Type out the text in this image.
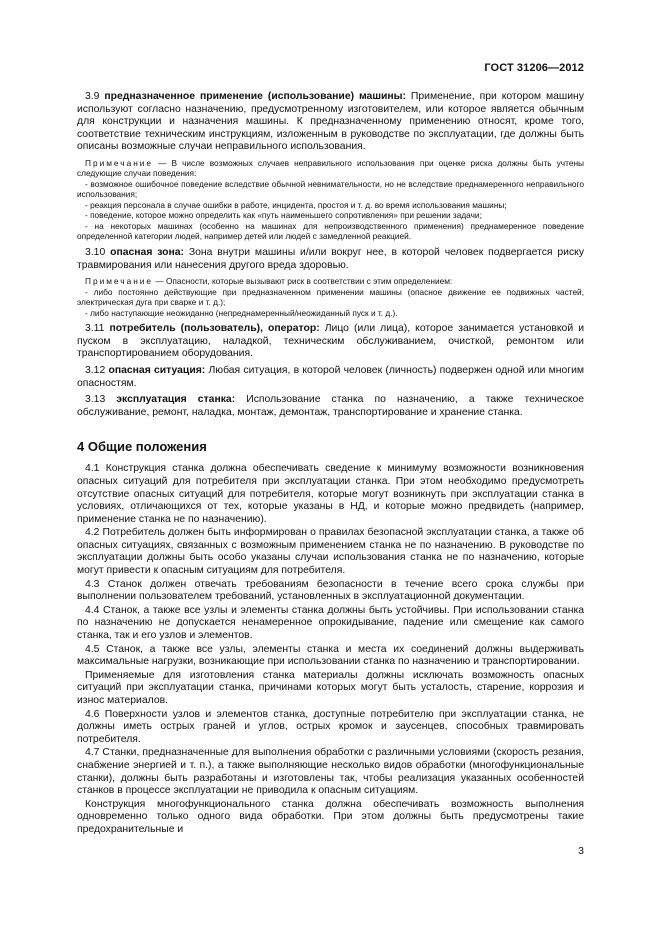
ГОСТ 31206—2012

3.9 предназначенное применение (использование) машины: Применение, при котором машину используют согласно назначению, предусмотренному изготовителем, или которое является обычным для конструкции и назначения машины. К предназначенному применению относят, кроме того, соответствие техническим инструкциям, изложенным в руководстве по эксплуатации, где должны быть описаны возможные случаи неправильного использования.

Примечание — В числе возможных случаев неправильного использования при оценке риска должны быть учтены следующие случаи поведения:

- возможное ошибочное поведение вследствие обычной невнимательности, но не вследствие преднамеренного неправильного использования;

- реакция персонала в случае ошибки в работе, инцидента, простоя и т. д. во время использования машины;

- поведение, которое можно определить как «путь наименьшего сопротивления» при решении задачи;

- на некоторых машинах (особенно на машинах для непроизводственного применения) преднамеренное поведение определенной категории людей, например детей или людей с замедленной реакцией.

3.10 опасная зона: Зона внутри машины и/или вокруг нее, в которой человек подвергается риску травмирования или нанесения другого вреда здоровью.

Примечание — Опасности, которые вызывают риск в соответствии с этим определением:

- либо постоянно действующие при предназначенном применении машины (опасное движение ее подвижных частей, электрическая дуга при сварке и т. д.);

- либо наступающие неожиданно (непреднамеренный/неожиданный пуск и т. д.).

3.11 потребитель (пользователь), оператор: Лицо (или лица), которое занимается установкой и пуском в эксплуатацию, наладкой, техническим обслуживанием, очисткой, ремонтом или транспортированием оборудования.

3.12 опасная ситуация: Любая ситуация, в которой человек (личность) подвержен одной или многим опасностям.

3.13 эксплуатация станка: Использование станка по назначению, а также техническое обслуживание, ремонт, наладка, монтаж, демонтаж, транспортирование и хранение станка.

4 Общие положения

4.1 Конструкция станка должна обеспечивать сведение к минимуму возможности возникновения опасных ситуаций для потребителя при эксплуатации станка. При этом необходимо предусмотреть отсутствие опасных ситуаций для потребителя, которые могут возникнуть при эксплуатации станка в условиях, отличающихся от тех, которые указаны в НД, и которые можно предвидеть (например, применение станка не по назначению).

4.2 Потребитель должен быть информирован о правилах безопасной эксплуатации станка, а также об опасных ситуациях, связанных с возможным применением станка не по назначению. В руководстве по эксплуатации должны быть особо указаны случаи использования станка не по назначению, которые могут привести к опасным ситуациям для потребителя.

4.3 Станок должен отвечать требованиям безопасности в течение всего срока службы при выполнении пользователем требований, установленных в эксплуатационной документации.

4.4 Станок, а также все узлы и элементы станка должны быть устойчивы. При использовании станка по назначению не допускается ненамеренное опрокидывание, падение или смещение как самого станка, так и его узлов и элементов.

4.5 Станок, а также все узлы, элементы станка и места их соединений должны выдерживать максимальные нагрузки, возникающие при использовании станка по назначению и транспортировании.

Применяемые для изготовления станка материалы должны исключать возможность опасных ситуаций при эксплуатации станка, причинами которых могут быть усталость, старение, коррозия и износ материалов.

4.6 Поверхности узлов и элементов станка, доступные потребителю при эксплуатации станка, не должны иметь острых граней и углов, острых кромок и заусенцев, способных травмировать потребителя.

4.7 Станки, предназначенные для выполнения обработки с различными условиями (скорость резания, снабжение энергией и т. п.), а также выполняющие несколько видов обработки (многофункциональные станки), должны быть разработаны и изготовлены так, чтобы реализация указанных особенностей станков в процессе эксплуатации не приводила к опасным ситуациям.

Конструкция многофункционального станка должна обеспечивать возможность выполнения одновременно только одного вида обработки. При этом должны быть предусмотрены такие предохранительные и

3
